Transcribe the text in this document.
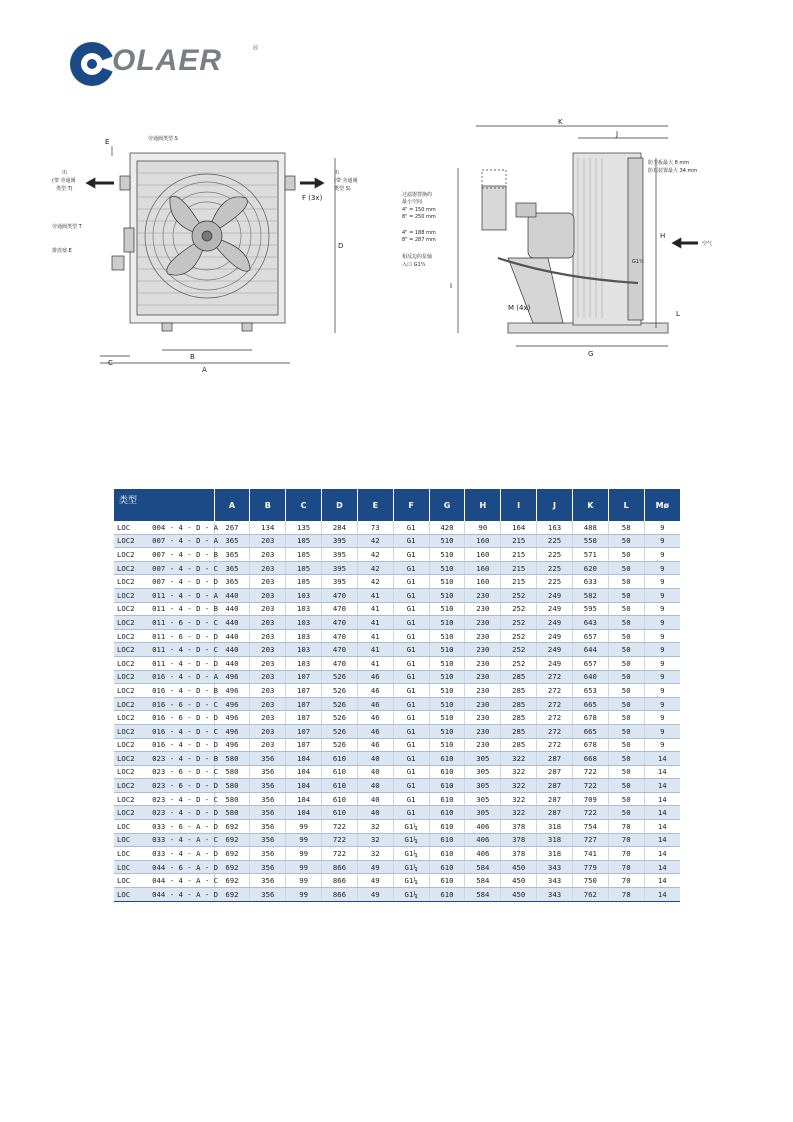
OLAER	®
B
A
C
D
E
F (3x)
旁通阀类型 S
旁通阀类型 T
排放塞 E
出
(带 旁通阀
类型 T)
出
(带 旁通阀
类型 S)
K
J
H
I
G
L
M (4x)
过滤器替换的
最小空间
4" = 150 mm
8" = 250 mm
4" = 188 mm
8" = 287 mm
相反边的泵轴
入口 G1¼
防尘板最大 8 mm
防石装置最大 34 mm
空气
G1¼
类型	A	B	C	D	E	F	G	H	I	J	K	L	Mø
LOC     004 - 4 - D - A	267	134	135	284	73	G1	420	90	164	163	488	58	9
LOC2    007 - 4 - D - A	365	203	105	395	42	G1	510	160	215	225	558	50	9
LOC2    007 - 4 - D - B	365	203	105	395	42	G1	510	160	215	225	571	50	9
LOC2    007 - 4 - D - C	365	203	105	395	42	G1	510	160	215	225	620	50	9
LOC2    007 - 4 - D - D	365	203	105	395	42	G1	510	160	215	225	633	50	9
LOC2    011 - 4 - D - A	440	203	103	470	41	G1	510	230	252	249	582	50	9
LOC2    011 - 4 - D - B	440	203	103	470	41	G1	510	230	252	249	595	50	9
LOC2    011 - 6 - D - C	440	203	103	470	41	G1	510	230	252	249	643	50	9
LOC2    011 - 6 - D - D	440	203	103	470	41	G1	510	230	252	249	657	50	9
LOC2    011 - 4 - D - C	440	203	103	470	41	G1	510	230	252	249	644	50	9
LOC2    011 - 4 - D - D	440	203	103	470	41	G1	510	230	252	249	657	50	9
LOC2    016 - 4 - D - A	496	203	107	526	46	G1	510	230	285	272	640	50	9
LOC2    016 - 4 - D - B	496	203	107	526	46	G1	510	230	285	272	653	50	9
LOC2    016 - 6 - D - C	496	203	107	526	46	G1	510	230	285	272	665	50	9
LOC2    016 - 6 - D - D	496	203	107	526	46	G1	510	230	285	272	678	50	9
LOC2    016 - 4 - D - C	496	203	107	526	46	G1	510	230	285	272	665	50	9
LOC2    016 - 4 - D - D	496	203	107	526	46	G1	510	230	285	272	678	50	9
LOC2    023 - 4 - D - B	580	356	104	610	40	G1	610	305	322	287	668	50	14
LOC2    023 - 6 - D - C	580	356	104	610	40	G1	610	305	322	287	722	50	14
LOC2    023 - 6 - D - D	580	356	104	610	40	G1	610	305	322	287	722	50	14
LOC2    023 - 4 - D - C	580	356	104	610	40	G1	610	305	322	287	709	50	14
LOC2    023 - 4 - D - D	580	356	104	610	40	G1	610	305	322	287	722	50	14
LOC     033 - 6 - A - D	692	356	99	722	32	G1¼	610	406	378	318	754	70	14
LOC     033 - 4 - A - C	692	356	99	722	32	G1¼	610	406	378	318	727	70	14
LOC     033 - 4 - A - D	692	356	99	722	32	G1¼	610	406	378	318	741	70	14
LOC     044 - 6 - A - D	692	356	99	866	49	G1¼	610	584	450	343	779	70	14
LOC     044 - 4 - A - C	692	356	99	866	49	G1¼	610	584	450	343	750	70	14
LOC     044 - 4 - A - D	692	356	99	866	49	G1¼	610	584	450	343	762	70	14
